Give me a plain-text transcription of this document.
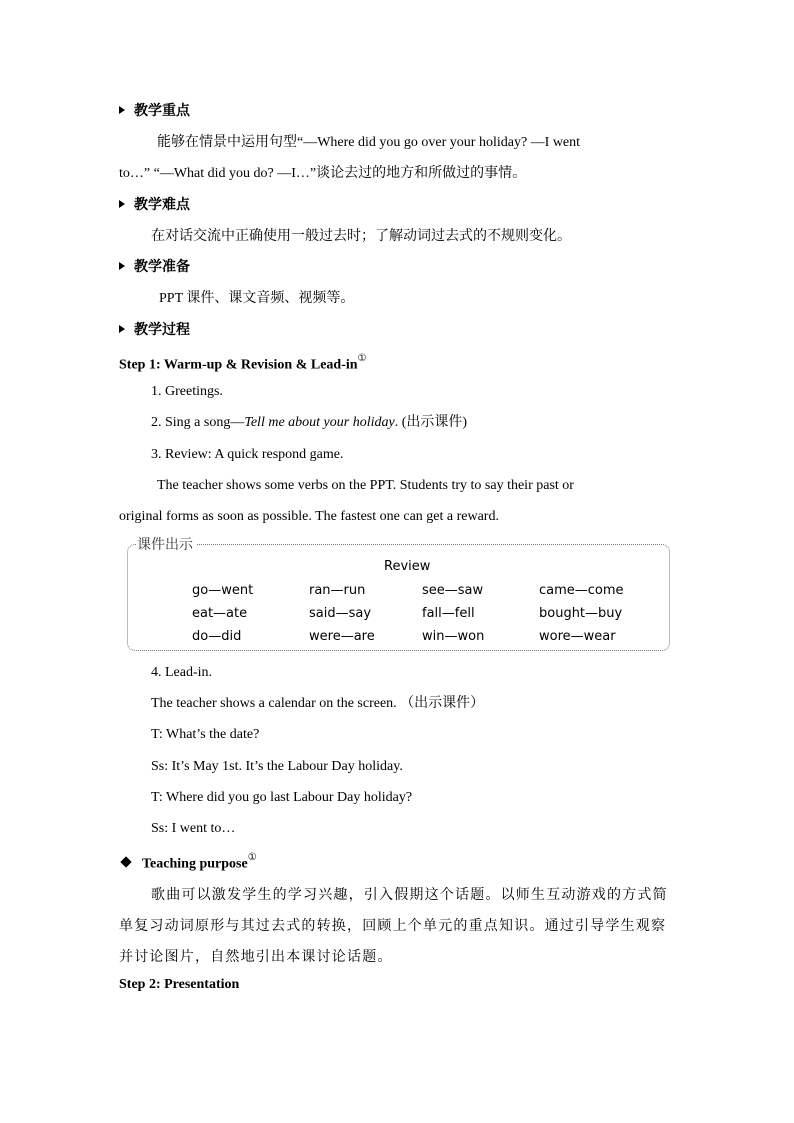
教学重点
能够在情景中运用句型“—Where did you go over your holiday? —I went
to…” “—What did you do? —I…”谈论去过的地方和所做过的事情。
教学难点
在对话交流中正确使用一般过去时；了解动词过去式的不规则变化。
教学准备
PPT 课件、课文音频、视频等。
教学过程
Step 1: Warm-up & Revision & Lead-in①
1. Greetings.
2. Sing a song—Tell me about your holiday. (出示课件)
3. Review: A quick respond game.
The teacher shows some verbs on the PPT. Students try to say their past or
original forms as soon as possible. The fastest one can get a reward.
课件出示
Review
go—went	ran—run	see—saw	came—come
eat—ate	said—say	fall—fell	bought—buy
do—did	were—are	win—won	wore—wear
4. Lead-in.
The teacher shows a calendar on the screen. （出示课件）
T: What’s the date?
Ss: It’s May 1st. It’s the Labour Day holiday.
T: Where did you go last Labour Day holiday?
Ss: I went to…
Teaching purpose①
歌曲可以激发学生的学习兴趣，引入假期这个话题。以师生互动游戏的方式简单复习动词原形与其过去式的转换，回顾上个单元的重点知识。通过引导学生观察并讨论图片，自然地引出本课讨论话题。
Step 2: Presentation
